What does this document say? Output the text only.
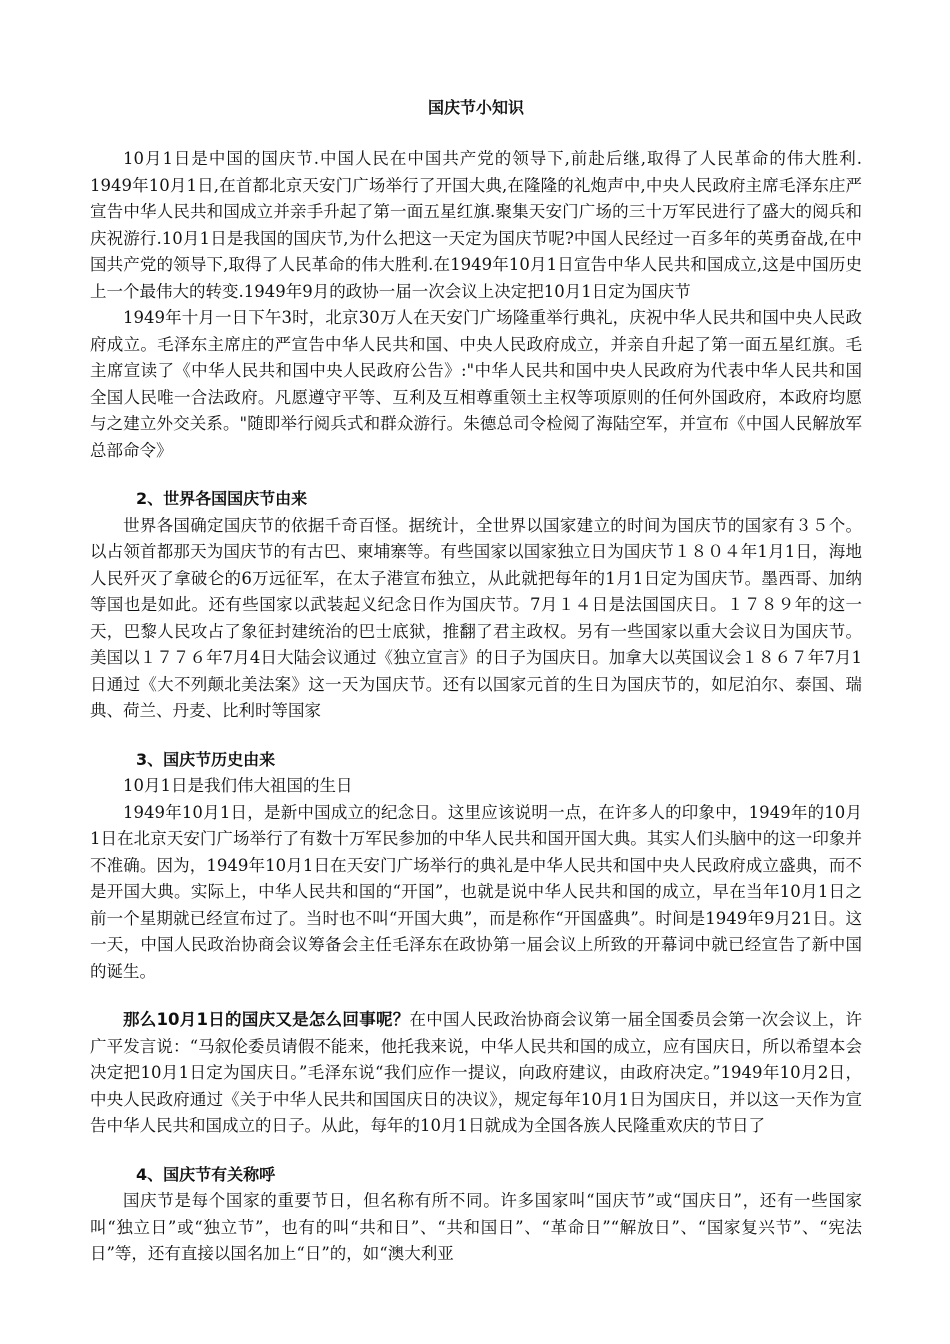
国庆节小知识

10月1日是中国的国庆节.中国人民在中国共产党的领导下,前赴后继,取得了人民革命的伟大胜利. 1949年10月1日,在首都北京天安门广场举行了开国大典,在隆隆的礼炮声中,中央人民政府主席毛泽东庄严宣告中华人民共和国成立并亲手升起了第一面五星红旗.聚集天安门广场的三十万军民进行了盛大的阅兵和庆祝游行.10月1日是我国的国庆节,为什么把这一天定为国庆节呢?中国人民经过一百多年的英勇奋战,在中国共产党的领导下,取得了人民革命的伟大胜利.在1949年10月1日宣告中华人民共和国成立,这是中国历史上一个最伟大的转变.1949年9月的政协一届一次会议上决定把10月1日定为国庆节

1949年十月一日下午3时，北京30万人在天安门广场隆重举行典礼，庆祝中华人民共和国中央人民政府成立。毛泽东主席庄的严宣告中华人民共和国、中央人民政府成立，并亲自升起了第一面五星红旗。毛主席宣读了《中华人民共和国中央人民政府公告》:"中华人民共和国中央人民政府为代表中华人民共和国全国人民唯一合法政府。凡愿遵守平等、互利及互相尊重领土主权等项原则的任何外国政府，本政府均愿与之建立外交关系。"随即举行阅兵式和群众游行。朱德总司令检阅了海陆空军，并宣布《中国人民解放军总部命令》

2、世界各国国庆节由来

世界各国确定国庆节的依据千奇百怪。据统计，全世界以国家建立的时间为国庆节的国家有３５个。以占领首都那天为国庆节的有古巴、柬埔寨等。有些国家以国家独立日为国庆节１８０４年1月1日，海地人民歼灭了拿破仑的6万远征军，在太子港宣布独立，从此就把每年的1月1日定为国庆节。墨西哥、加纳等国也是如此。还有些国家以武装起义纪念日作为国庆节。7月１４日是法国国庆日。１７８９年的这一天，巴黎人民攻占了象征封建统治的巴士底狱，推翻了君主政权。另有一些国家以重大会议日为国庆节。美国以１７７６年7月4日大陆会议通过《独立宣言》的日子为国庆日。加拿大以英国议会１８６７年7月1日通过《大不列颠北美法案》这一天为国庆节。还有以国家元首的生日为国庆节的，如尼泊尔、泰国、瑞典、荷兰、丹麦、比利时等国家

3、国庆节历史由来

10月1日是我们伟大祖国的生日

1949年10月1日，是新中国成立的纪念日。这里应该说明一点，在许多人的印象中，1949年的10月1日在北京天安门广场举行了有数十万军民参加的中华人民共和国开国大典。其实人们头脑中的这一印象并不准确。因为，1949年10月1日在天安门广场举行的典礼是中华人民共和国中央人民政府成立盛典，而不是开国大典。实际上，中华人民共和国的“开国”，也就是说中华人民共和国的成立，早在当年10月1日之前一个星期就已经宣布过了。当时也不叫“开国大典”，而是称作“开国盛典”。时间是1949年9月21日。这一天，中国人民政治协商会议筹备会主任毛泽东在政协第一届会议上所致的开幕词中就已经宣告了新中国的诞生。

那么10月1日的国庆又是怎么回事呢？在中国人民政治协商会议第一届全国委员会第一次会议上，许广平发言说：“马叙伦委员请假不能来，他托我来说，中华人民共和国的成立，应有国庆日，所以希望本会决定把10月1日定为国庆日。”毛泽东说“我们应作一提议，向政府建议，由政府决定。”1949年10月2日，中央人民政府通过《关于中华人民共和国国庆日的决议》，规定每年10月1日为国庆日，并以这一天作为宣告中华人民共和国成立的日子。从此，每年的10月1日就成为全国各族人民隆重欢庆的节日了

4、国庆节有关称呼

国庆节是每个国家的重要节日，但名称有所不同。许多国家叫“国庆节”或“国庆日”，还有一些国家叫“独立日”或“独立节”，也有的叫“共和日”、“共和国日”、“革命日”“解放日”、“国家复兴节”、“宪法日”等，还有直接以国名加上“日”的，如“澳大利亚
